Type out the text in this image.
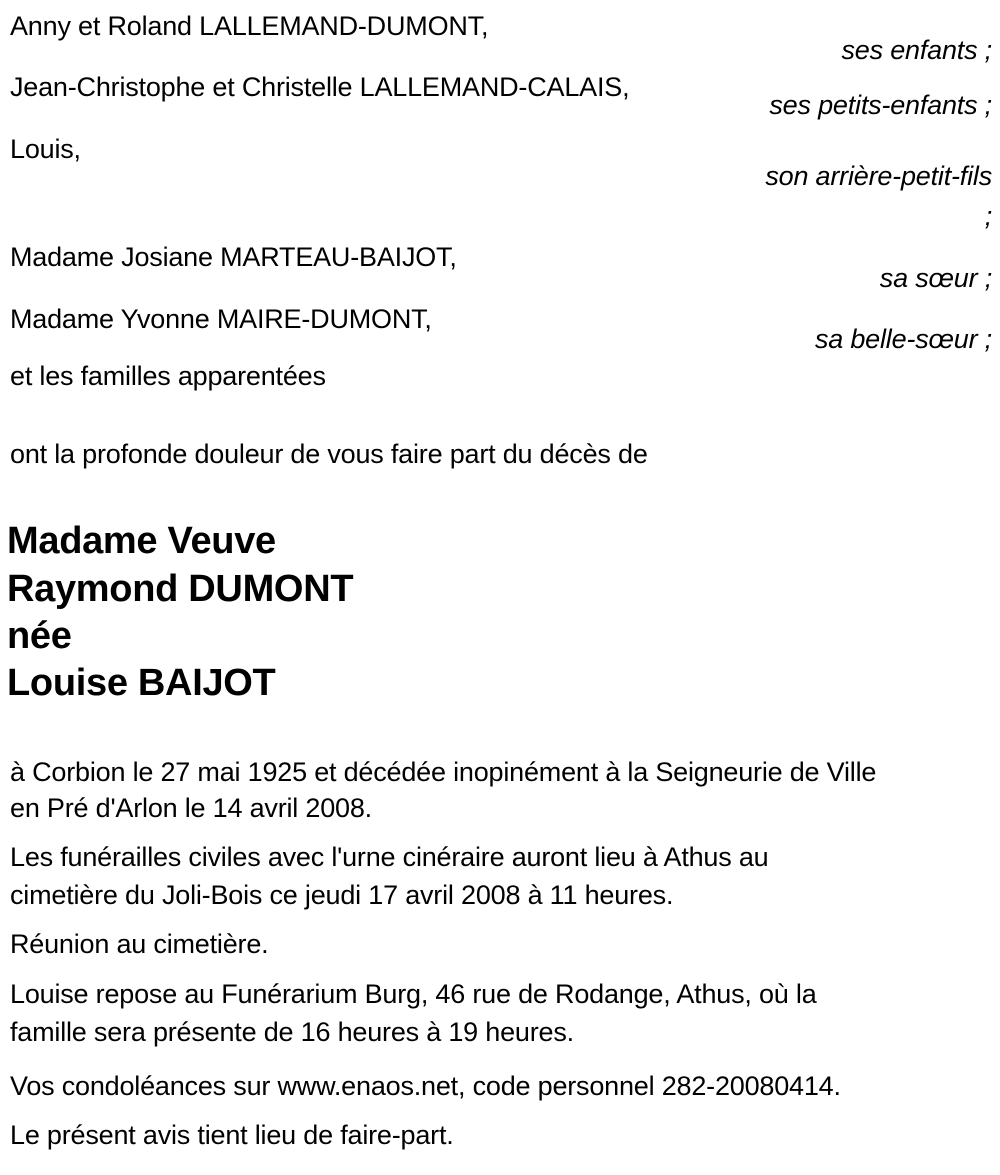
Anny et Roland LALLEMAND-DUMONT,
ses enfants ;
Jean-Christophe et Christelle LALLEMAND-CALAIS,
ses petits-enfants ;
Louis,
son arrière-petit-fils
;
Madame Josiane MARTEAU-BAIJOT,
sa sœur ;
Madame Yvonne MAIRE-DUMONT,
sa belle-sœur ;
et les familles apparentées
ont la profonde douleur de vous faire part du décès de
Madame Veuve
Raymond DUMONT
née
Louise BAIJOT
à Corbion le 27 mai 1925 et décédée inopinément à la Seigneurie de Ville
en Pré d'Arlon le 14 avril 2008.
Les funérailles civiles avec l'urne cinéraire auront lieu à Athus au
cimetière du Joli-Bois ce jeudi 17 avril 2008 à 11 heures.
Réunion au cimetière.
Louise repose au Funérarium Burg, 46 rue de Rodange, Athus, où la
famille sera présente de 16 heures à 19 heures.
Vos condoléances sur www.enaos.net, code personnel 282-20080414.
Le présent avis tient lieu de faire-part.
